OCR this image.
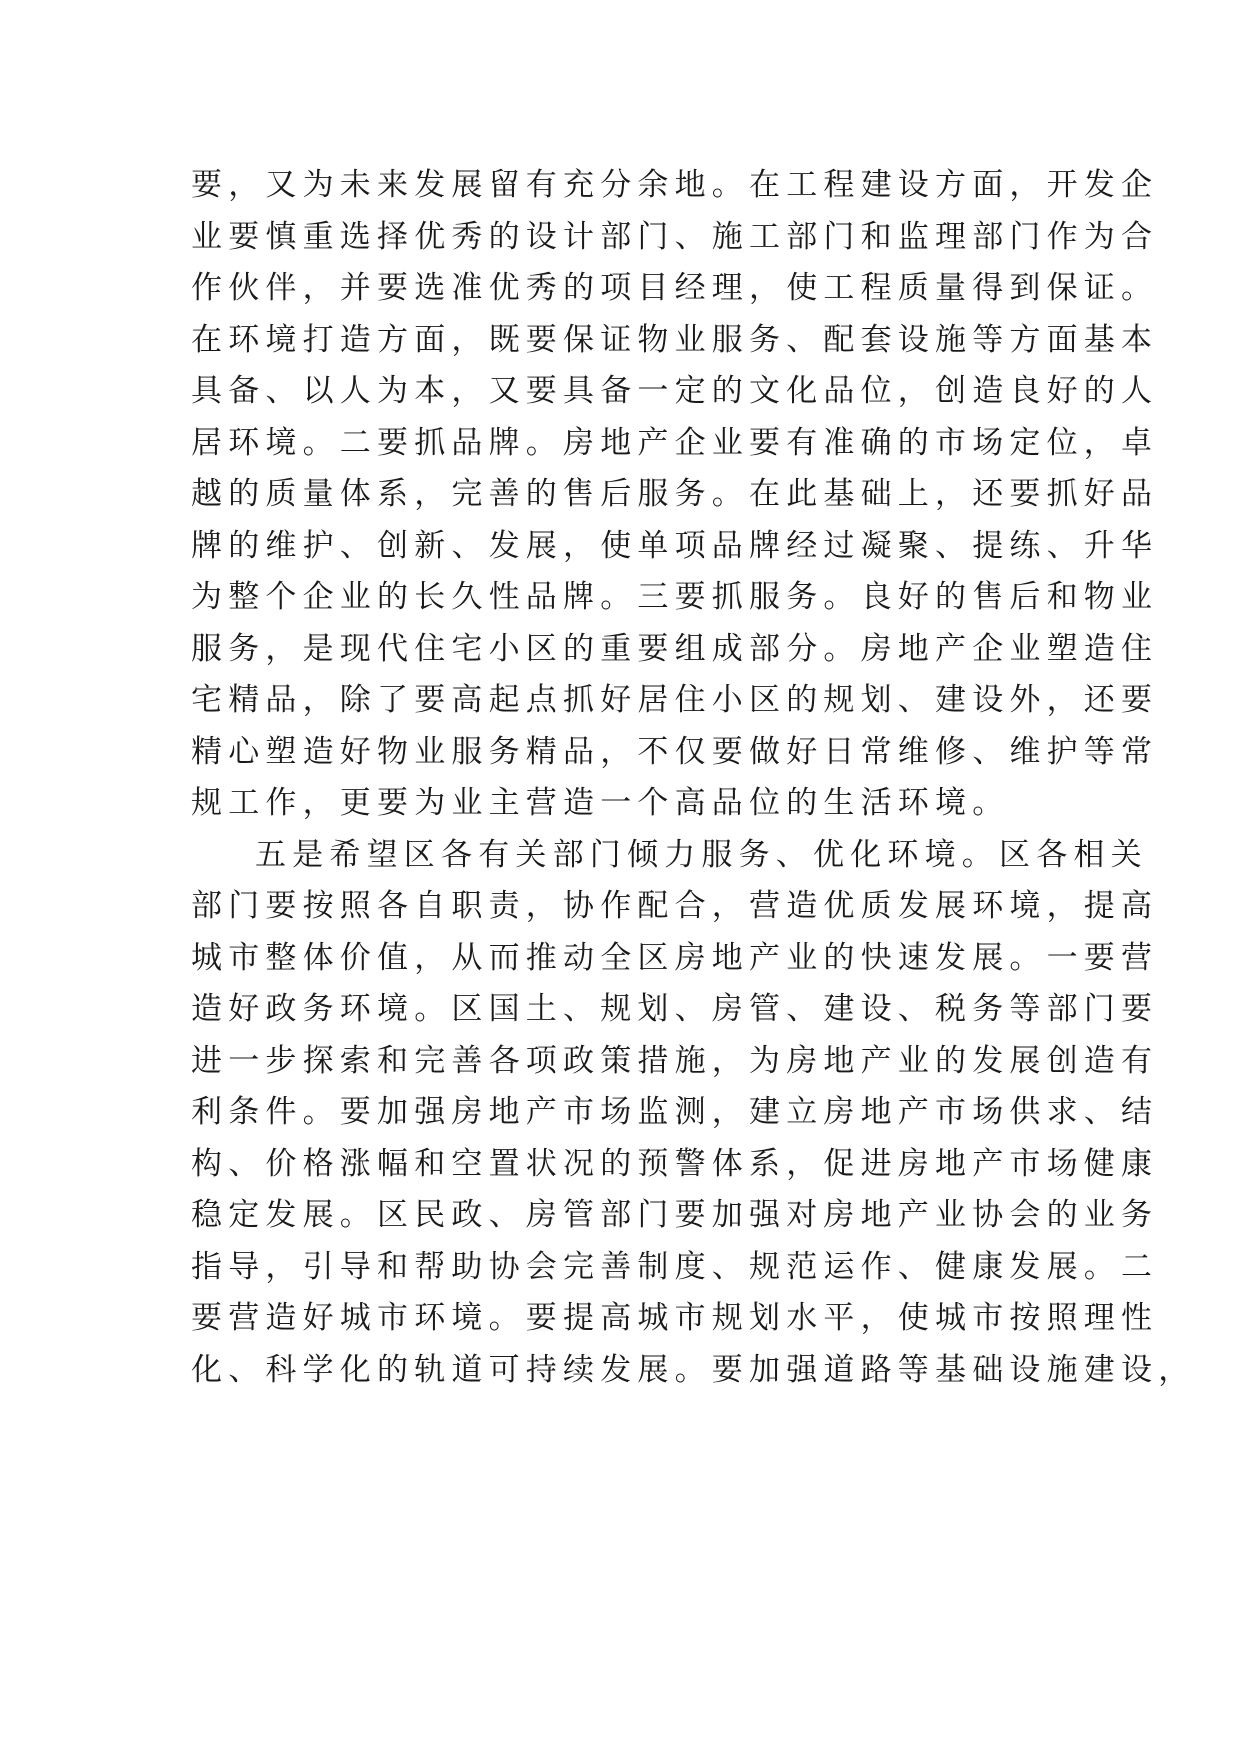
要，又为未来发展留有充分余地。在工程建设方面，开发企
业要慎重选择优秀的设计部门、施工部门和监理部门作为合
作伙伴，并要选准优秀的项目经理，使工程质量得到保证。
在环境打造方面，既要保证物业服务、配套设施等方面基本
具备、以人为本，又要具备一定的文化品位，创造良好的人
居环境。二要抓品牌。房地产企业要有准确的市场定位，卓
越的质量体系，完善的售后服务。在此基础上，还要抓好品
牌的维护、创新、发展，使单项品牌经过凝聚、提练、升华
为整个企业的长久性品牌。三要抓服务。良好的售后和物业
服务，是现代住宅小区的重要组成部分。房地产企业塑造住
宅精品，除了要高起点抓好居住小区的规划、建设外，还要
精心塑造好物业服务精品，不仅要做好日常维修、维护等常
规工作，更要为业主营造一个高品位的生活环境。
五是希望区各有关部门倾力服务、优化环境。区各相关
部门要按照各自职责，协作配合，营造优质发展环境，提高
城市整体价值，从而推动全区房地产业的快速发展。一要营
造好政务环境。区国土、规划、房管、建设、税务等部门要
进一步探索和完善各项政策措施，为房地产业的发展创造有
利条件。要加强房地产市场监测，建立房地产市场供求、结
构、价格涨幅和空置状况的预警体系，促进房地产市场健康
稳定发展。区民政、房管部门要加强对房地产业协会的业务
指导，引导和帮助协会完善制度、规范运作、健康发展。二
要营造好城市环境。要提高城市规划水平，使城市按照理性
化、科学化的轨道可持续发展。要加强道路等基础设施建设，
